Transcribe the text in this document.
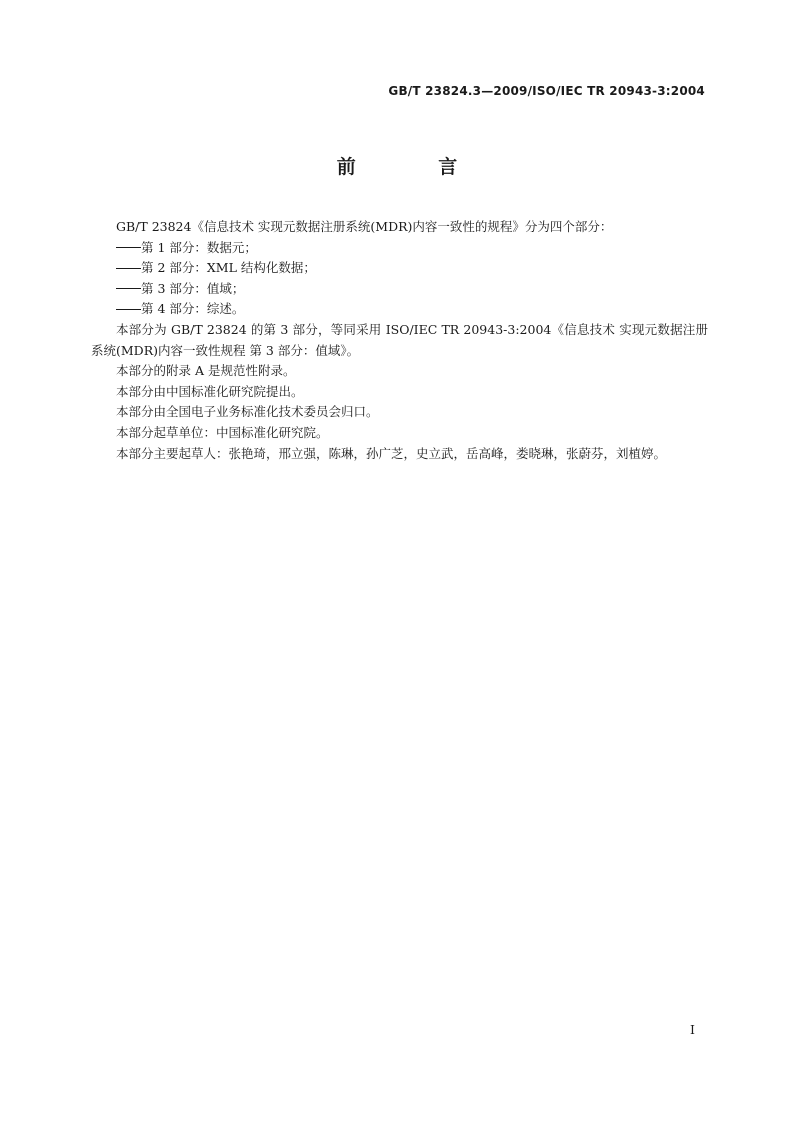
GB/T 23824.3—2009/ISO/IEC TR 20943-3:2004
前 言

GB/T 23824《信息技术 实现元数据注册系统(MDR)内容一致性的规程》分为四个部分：

第 1 部分：数据元；

第 2 部分：XML 结构化数据；

第 3 部分：值域；

第 4 部分：综述。

本部分为 GB/T 23824 的第 3 部分，等同采用 ISO/IEC TR 20943-3:2004《信息技术 实现元数据注册系统(MDR)内容一致性规程 第 3 部分：值域》。

本部分的附录 A 是规范性附录。

本部分由中国标准化研究院提出。

本部分由全国电子业务标准化技术委员会归口。

本部分起草单位：中国标准化研究院。

本部分主要起草人：张艳琦，邢立强，陈琳，孙广芝，史立武，岳高峰，娄晓琳，张蔚芬，刘植婷。

I
